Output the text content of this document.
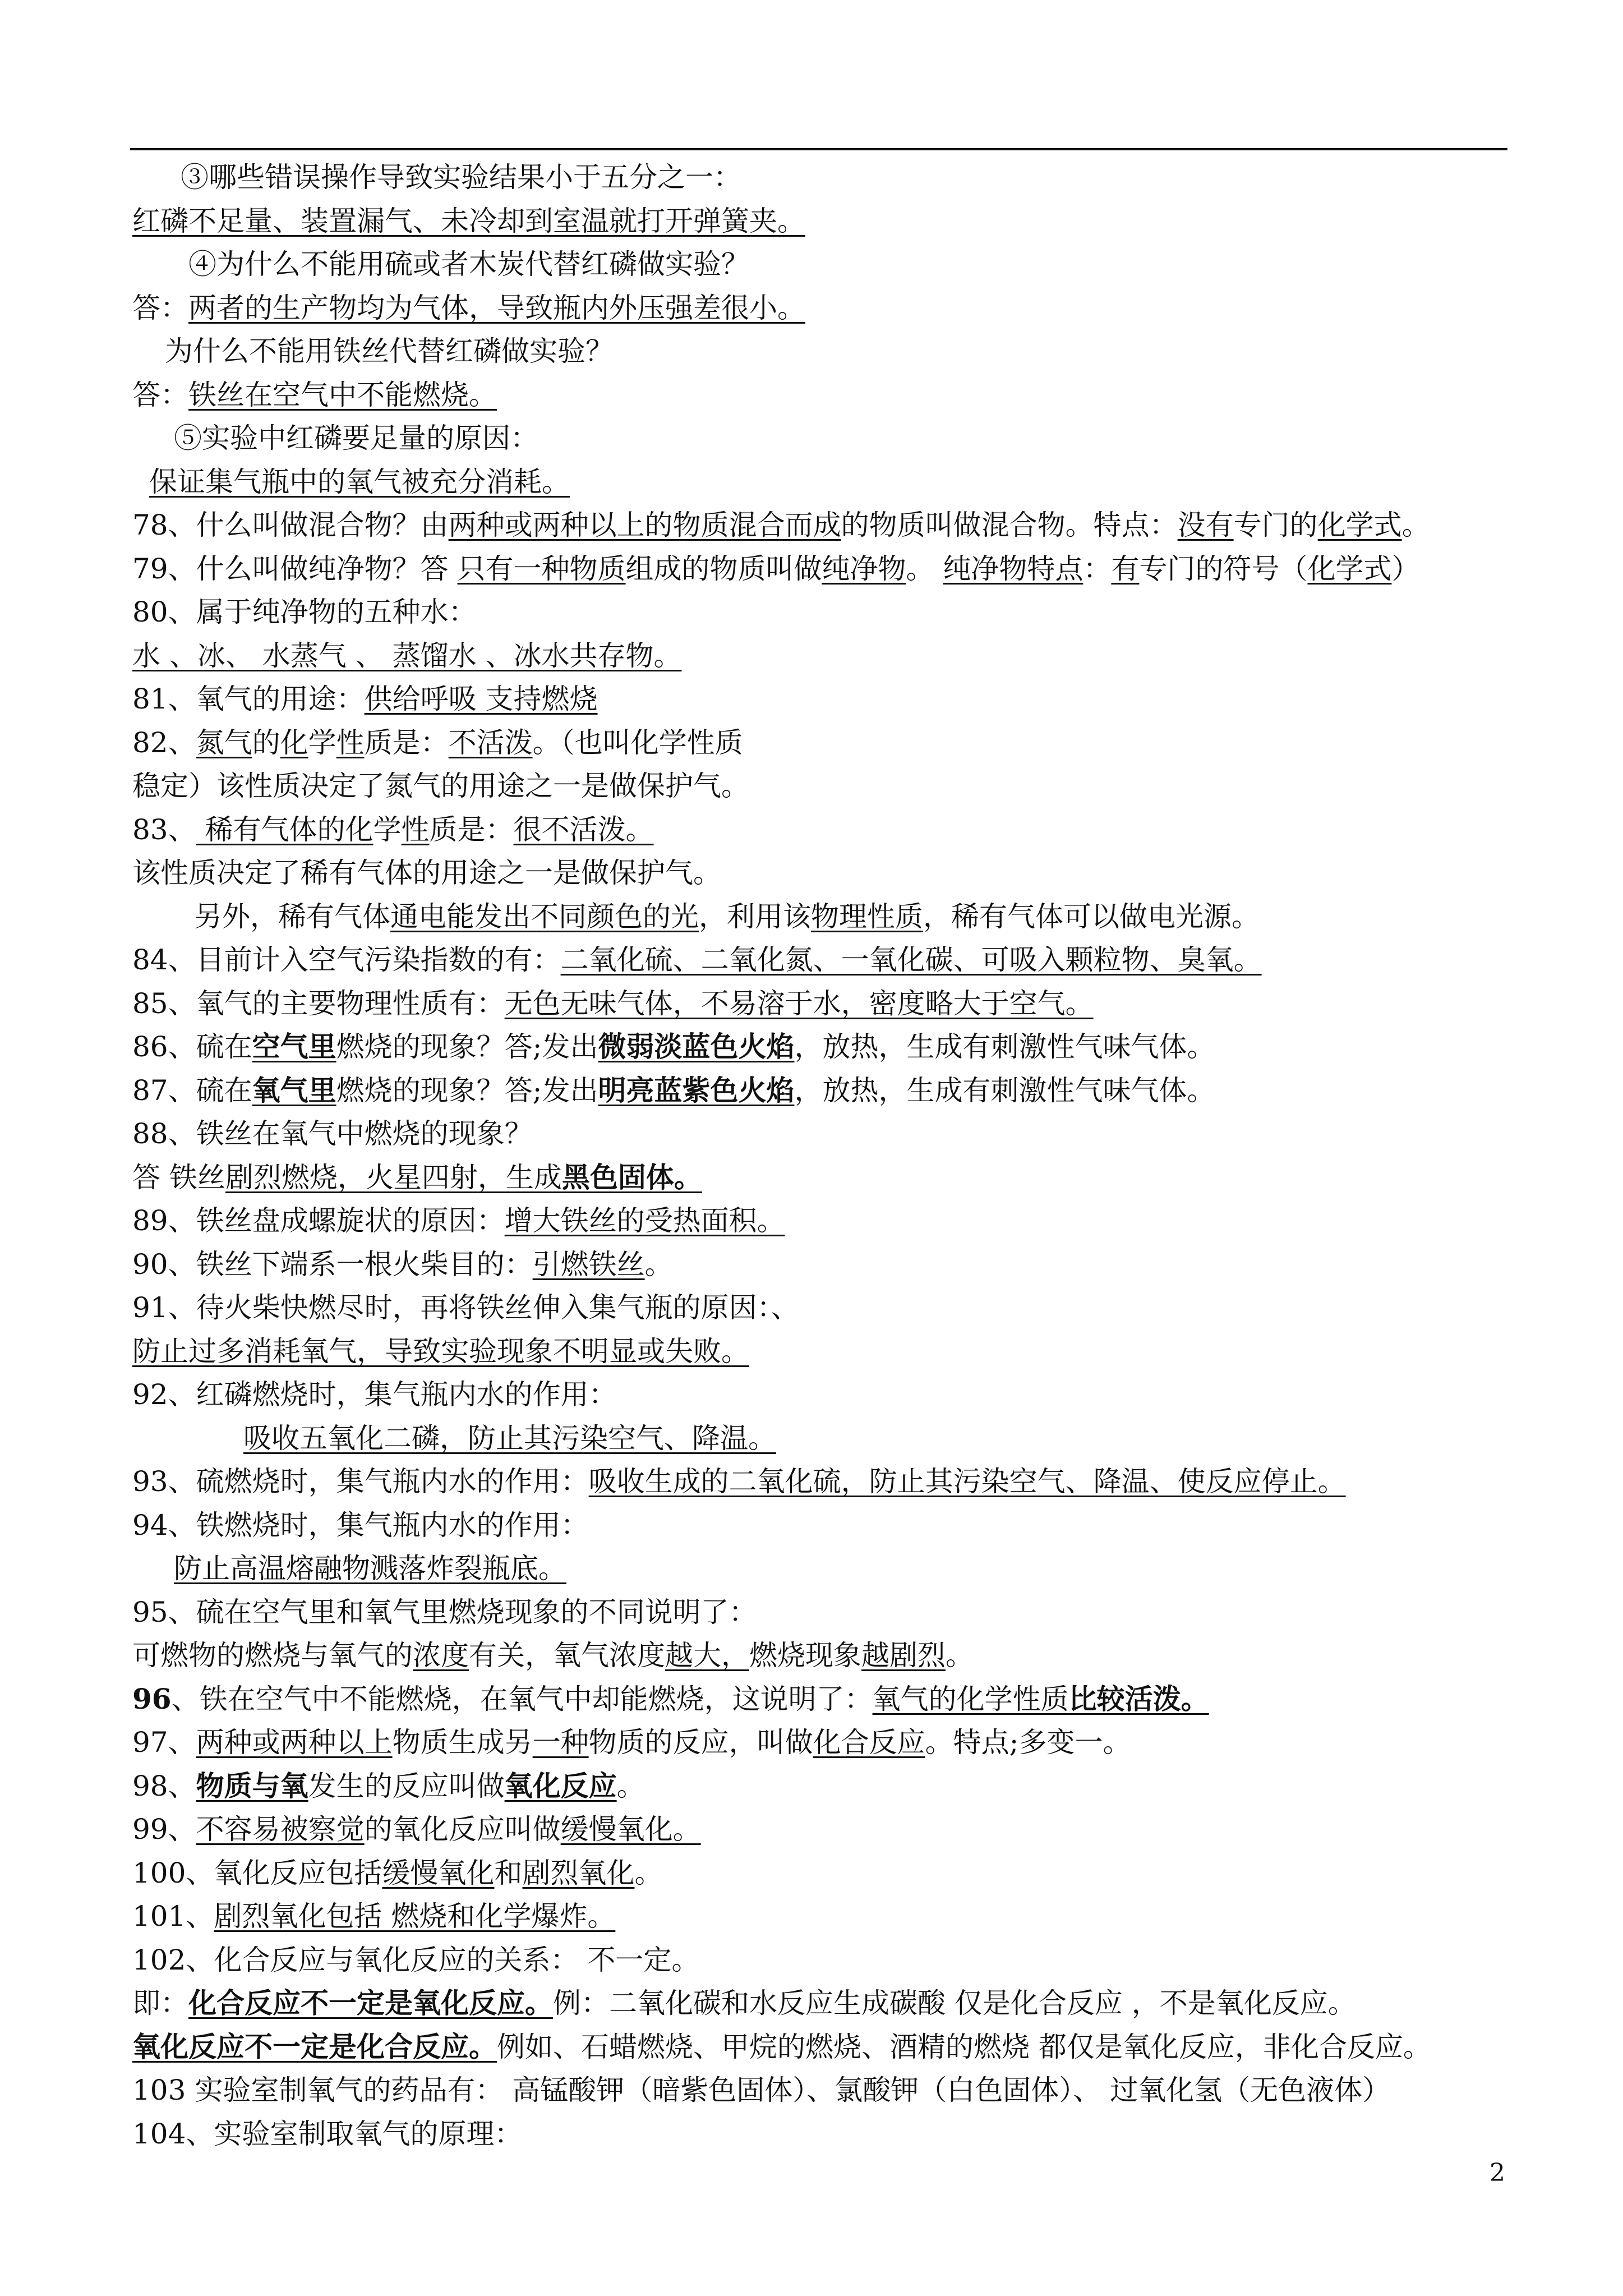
③哪些错误操作导致实验结果小于五分之一：
红磷不足量、装置漏气、未冷却到室温就打开弹簧夹。
④为什么不能用硫或者木炭代替红磷做实验？
答：两者的生产物均为气体，导致瓶内外压强差很小。
为什么不能用铁丝代替红磷做实验？
答：铁丝在空气中不能燃烧。
⑤实验中红磷要足量的原因：
保证集气瓶中的氧气被充分消耗。
78、什么叫做混合物？由两种或两种以上的物质混合而成的物质叫做混合物。特点：没有专门的化学式。
79、什么叫做纯净物？答 只有一种物质组成的物质叫做纯净物。 纯净物特点：有专门的符号（化学式）
80、属于纯净物的五种水：
水 、冰、 水蒸气 、 蒸馏水 、冰水共存物。
81、氧气的用途：供给呼吸 支持燃烧
82、氮气的化学性质是：不活泼。（也叫化学性质
稳定）该性质决定了氮气的用途之一是做保护气。
83、 稀有气体的化学性质是：很不活泼。
该性质决定了稀有气体的用途之一是做保护气。
另外，稀有气体通电能发出不同颜色的光，利用该物理性质，稀有气体可以做电光源。
84、目前计入空气污染指数的有：二氧化硫、二氧化氮、一氧化碳、可吸入颗粒物、臭氧。
85、氧气的主要物理性质有：无色无味气体，不易溶于水，密度略大于空气。
86、硫在空气里燃烧的现象？答;发出微弱淡蓝色火焰，放热，生成有刺激性气味气体。
87、硫在氧气里燃烧的现象？答;发出明亮蓝紫色火焰，放热，生成有刺激性气味气体。
88、铁丝在氧气中燃烧的现象？
答 铁丝剧烈燃烧，火星四射，生成黑色固体。
89、铁丝盘成螺旋状的原因：增大铁丝的受热面积。
90、铁丝下端系一根火柴目的：引燃铁丝。
91、待火柴快燃尽时，再将铁丝伸入集气瓶的原因：、
防止过多消耗氧气，导致实验现象不明显或失败。
92、红磷燃烧时，集气瓶内水的作用：
吸收五氧化二磷，防止其污染空气、降温。
93、硫燃烧时，集气瓶内水的作用：吸收生成的二氧化硫，防止其污染空气、降温、使反应停止。
94、铁燃烧时，集气瓶内水的作用：
防止高温熔融物溅落炸裂瓶底。
95、硫在空气里和氧气里燃烧现象的不同说明了：
可燃物的燃烧与氧气的浓度有关，氧气浓度越大，燃烧现象越剧烈。
96、铁在空气中不能燃烧，在氧气中却能燃烧，这说明了：氧气的化学性质比较活泼。
97、两种或两种以上物质生成另一种物质的反应，叫做化合反应。特点;多变一。
98、物质与氧发生的反应叫做氧化反应。
99、不容易被察觉的氧化反应叫做缓慢氧化。
100、氧化反应包括缓慢氧化和剧烈氧化。
101、剧烈氧化包括 燃烧和化学爆炸。
102、化合反应与氧化反应的关系： 不一定。
即：化合反应不一定是氧化反应。例：二氧化碳和水反应生成碳酸 仅是化合反应 ，不是氧化反应。
氧化反应不一定是化合反应。例如、石蜡燃烧、甲烷的燃烧、酒精的燃烧 都仅是氧化反应，非化合反应。
103 实验室制氧气的药品有： 高锰酸钾（暗紫色固体）、氯酸钾（白色固体）、 过氧化氢（无色液体）
104、实验室制取氧气的原理：
2
